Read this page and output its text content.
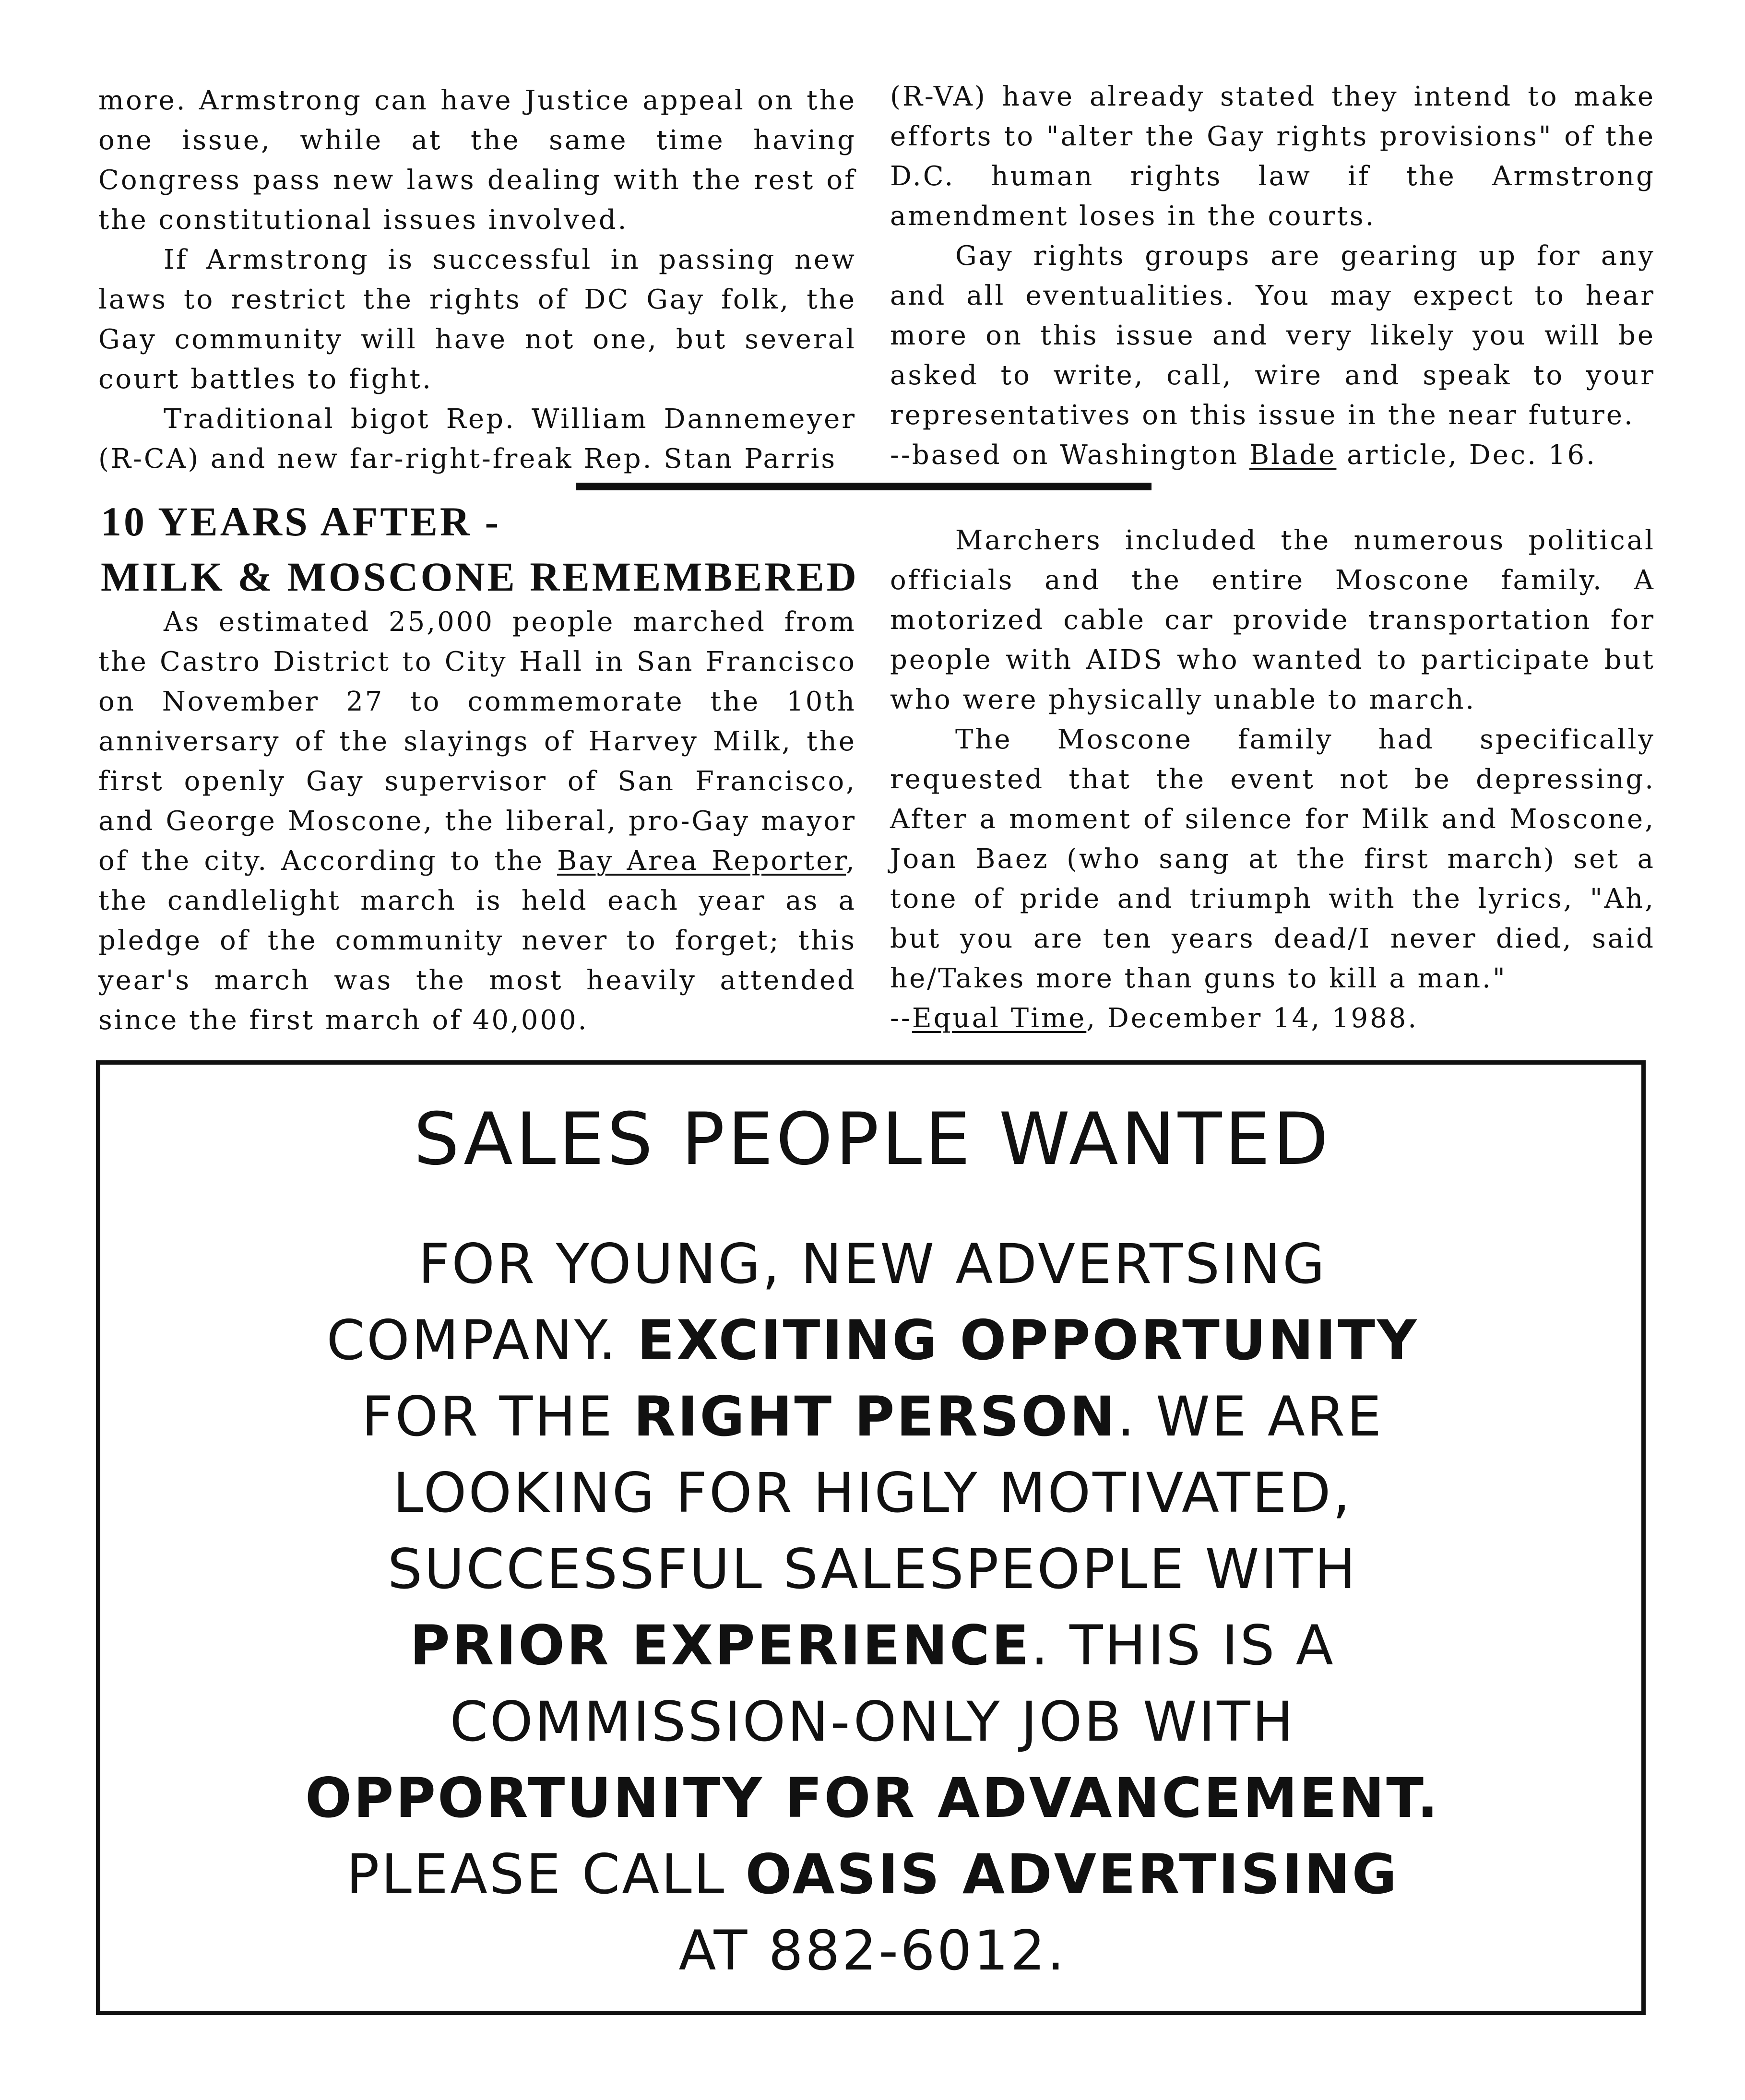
more. Armstrong can have Justice appeal on the one issue, while at the same time having Congress pass new laws dealing with the rest of the constitutional issues involved.

If Armstrong is successful in passing new laws to restrict the rights of DC Gay folk, the Gay community will have not one, but several court battles to fight.

Traditional bigot Rep. William Dannemeyer (R-CA) and new far-right-freak Rep. Stan Parris

(R-VA) have already stated they intend to make efforts to "alter the Gay rights provisions" of the D.C. human rights law if the Armstrong amendment loses in the courts.

Gay rights groups are gearing up for any and all eventualities. You may expect to hear more on this issue and very likely you will be asked to write, call, wire and speak to your representatives on this issue in the near future.

--based on Washington Blade article, Dec. 16.

10 YEARS AFTER -
MILK & MOSCONE REMEMBERED

As estimated 25,000 people marched from the Castro District to City Hall in San Francisco on November 27 to commemorate the 10th anniversary of the slayings of Harvey Milk, the first openly Gay supervisor of San Francisco, and George Moscone, the liberal, pro-Gay mayor of the city. According to the Bay Area Reporter, the candlelight march is held each year as a pledge of the community never to forget; this year's march was the most heavily attended since the first march of 40,000.

Marchers included the numerous political officials and the entire Moscone family. A motorized cable car provide transportation for people with AIDS who wanted to participate but who were physically unable to march.

The Moscone family had specifically requested that the event not be depressing. After a moment of silence for Milk and Moscone, Joan Baez (who sang at the first march) set a tone of pride and triumph with the lyrics, "Ah, but you are ten years dead/I never died, said he/Takes more than guns to kill a man."

--Equal Time, December 14, 1988.

SALES PEOPLE WANTED
FOR YOUNG, NEW ADVERTSING
COMPANY. EXCITING OPPORTUNITY
FOR THE RIGHT PERSON. WE ARE
LOOKING FOR HIGLY MOTIVATED,
SUCCESSFUL SALESPEOPLE WITH
PRIOR EXPERIENCE. THIS IS A
COMMISSION-ONLY JOB WITH
OPPORTUNITY FOR ADVANCEMENT.
PLEASE CALL OASIS ADVERTISING
AT 882-6012.
